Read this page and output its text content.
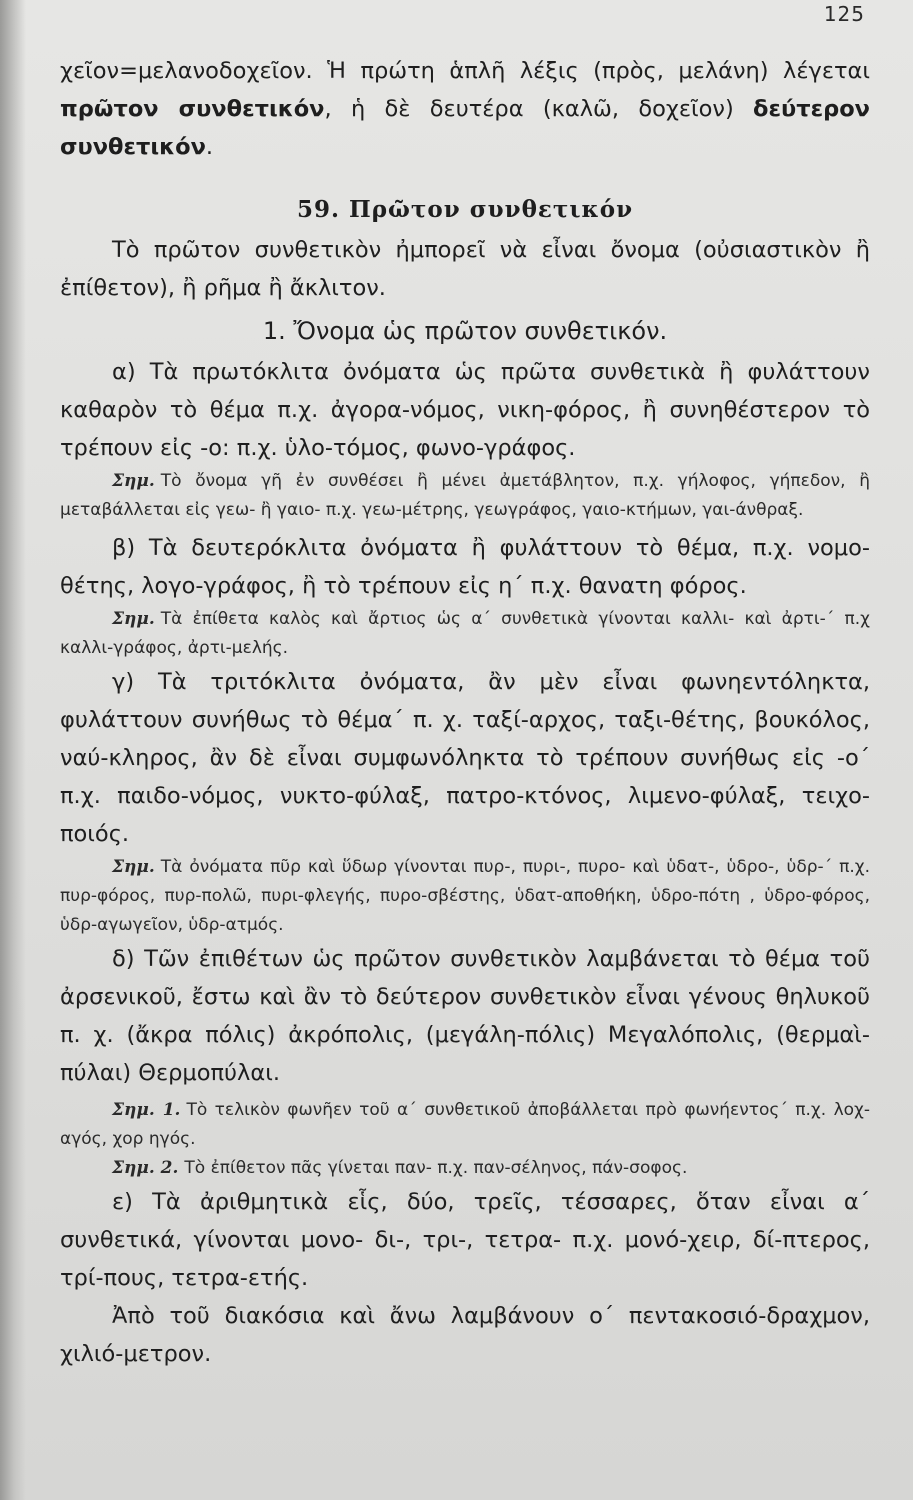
125

χεῖον=μελανοδοχεῖον. Ἡ πρώτη ἁπλῆ λέξις (πρὸς, μελάνη) λέγεται πρῶτον συνθετικόν, ἡ δὲ δευτέρα (καλῶ, δοχεῖον) δεύτερον συνθετικόν.

59. Πρῶτον συνθετικόν

Τὸ πρῶτον συνθετικὸν ἠμπορεῖ νὰ εἶναι ὄνομα (οὐσιαστικὸν ἢ ἐπίθετον), ἢ ρῆμα ἢ ἄκλιτον.

1. Ὄνομα ὡς πρῶτον συνθετικόν.

α) Τὰ πρωτόκλιτα ὀνόματα ὡς πρῶτα συνθετικὰ ἢ φυλάττουν καθαρὸν τὸ θέμα π.χ. ἀγορα-νόμος, νικη-φόρος, ἢ συνηθέστερον τὸ τρέπουν εἰς -ο: π.χ. ὑλο-τόμος, φωνο-γράφος.

Σημ. Τὸ ὄνομα γῆ ἐν συνθέσει ἢ μένει ἀμετάβλητον, π.χ. γήλοφος, γήπεδον, ἢ μεταβάλλεται εἰς γεω- ἢ γαιο- π.χ. γεω-μέτρης, γεωγράφος, γαιο-κτήμων, γαι-άνθραξ.

β) Τὰ δευτερόκλιτα ὀνόματα ἢ φυλάττουν τὸ θέμα, π.χ. νομο-θέτης, λογο-γράφος, ἢ τὸ τρέπουν εἰς η΄ π.χ. θανατη φόρος.

Σημ. Τὰ ἐπίθετα καλὸς καὶ ἄρτιος ὡς α΄ συνθετικὰ γίνονται καλλι- καὶ ἀρτι-΄ π.χ καλλι-γράφος, ἀρτι-μελής.

γ) Τὰ τριτόκλιτα ὀνόματα, ἂν μὲν εἶναι φωνηεντόληκτα, φυλάττουν συνήθως τὸ θέμα΄ π. χ. ταξί-αρχος, ταξι-θέτης, βουκόλος, ναύ-κληρος, ἂν δὲ εἶναι συμφωνόληκτα τὸ τρέπουν συνήθως εἰς -ο΄ π.χ. παιδο-νόμος, νυκτο-φύλαξ, πατρο-κτόνος, λιμενο-φύλαξ, τειχο-ποιός.

Σημ. Τὰ ὀνόματα πῦρ καὶ ὕδωρ γίνονται πυρ-, πυρι-, πυρο- καὶ ὑδατ-, ὑδρο-, ὑδρ-΄ π.χ. πυρ-φόρος, πυρ-πολῶ, πυρι-φλεγής, πυρο-σβέστης, ὑδατ-αποθήκη, ὑδρο-πότη , ὑδρο-φόρος, ὑδρ-αγωγεῖον, ὑδρ-ατμός.

δ) Τῶν ἐπιθέτων ὡς πρῶτον συνθετικὸν λαμβάνεται τὸ θέμα τοῦ ἀρσενικοῦ, ἔστω καὶ ἂν τὸ δεύτερον συνθετικὸν εἶναι γένους θηλυκοῦ π. χ. (ἄκρα πόλις) ἀκρόπολις, (μεγάλη-πόλις) Μεγαλόπολις, (θερμαὶ-πύλαι) Θερμοπύλαι.

Σημ. 1. Τὸ τελικὸν φωνῆεν τοῦ α΄ συνθετικοῦ ἀποβάλλεται πρὸ φωνήεντος΄ π.χ. λοχ-αγός, χορ ηγός.

Σημ. 2. Τὸ ἐπίθετον πᾶς γίνεται παν- π.χ. παν-σέληνος, πάν-σοφος.

ε) Τὰ ἀριθμητικὰ εἷς, δύο, τρεῖς, τέσσαρες, ὅταν εἶναι α΄ συνθετικά, γίνονται μονο- δι-, τρι-, τετρα- π.χ. μονό-χειρ, δί-πτερος, τρί-πους, τετρα-ετής.

Ἀπὸ τοῦ διακόσια καὶ ἄνω λαμβάνουν ο΄ πεντακοσιό-δραχμον, χιλιό-μετρον.
